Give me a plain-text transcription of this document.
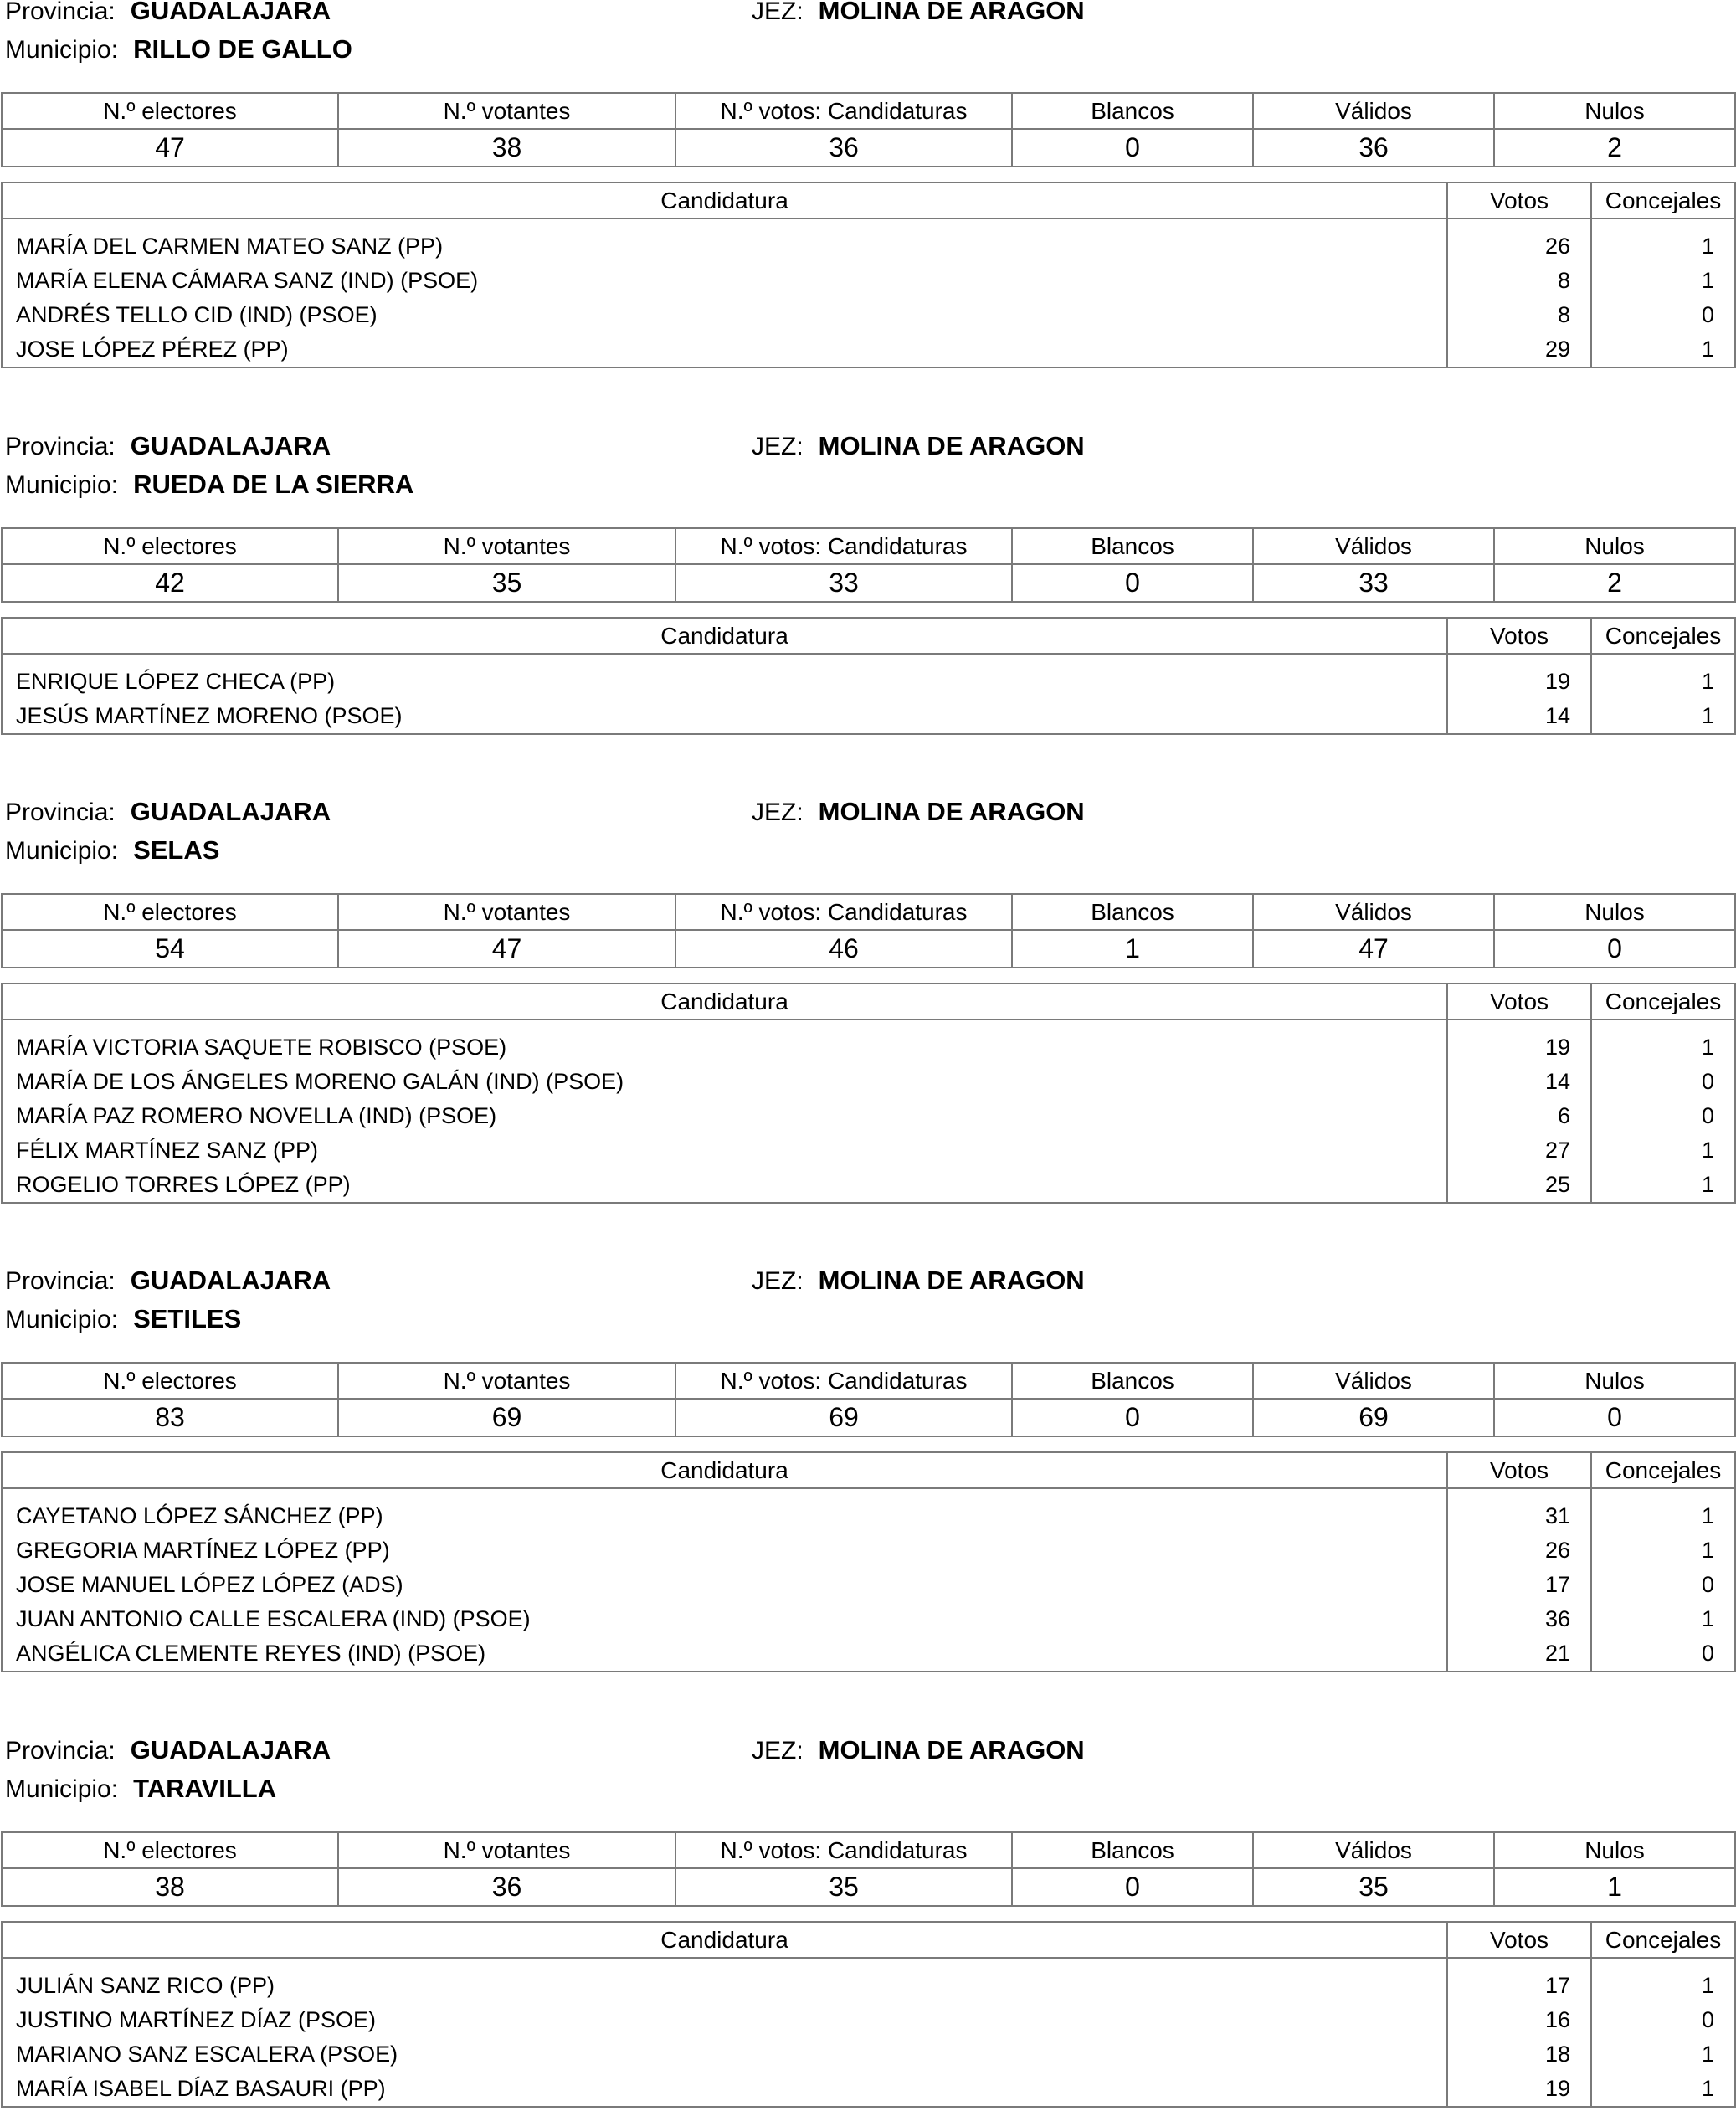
Provincia: GUADALAJARA	JEZ: MOLINA DE ARAGON
Municipio: RILLO DE GALLO
N.º electores	N.º votantes	N.º votos: Candidaturas	Blancos	Válidos	Nulos
47	38	36	0	36	2
Candidatura	Votos	Concejales

MARÍA DEL CARMEN MATEO SANZ (PP)	26	1
MARÍA ELENA CÁMARA SANZ (IND) (PSOE)	8	1
ANDRÉS TELLO CID (IND) (PSOE)	8	0
JOSE LÓPEZ PÉREZ (PP)	29	1
Provincia: GUADALAJARA	JEZ: MOLINA DE ARAGON
Municipio: RUEDA DE LA SIERRA
N.º electores	N.º votantes	N.º votos: Candidaturas	Blancos	Válidos	Nulos
42	35	33	0	33	2
Candidatura	Votos	Concejales

ENRIQUE LÓPEZ CHECA (PP)	19	1
JESÚS MARTÍNEZ MORENO (PSOE)	14	1
Provincia: GUADALAJARA	JEZ: MOLINA DE ARAGON
Municipio: SELAS
N.º electores	N.º votantes	N.º votos: Candidaturas	Blancos	Válidos	Nulos
54	47	46	1	47	0
Candidatura	Votos	Concejales

MARÍA VICTORIA SAQUETE ROBISCO (PSOE)	19	1
MARÍA DE LOS ÁNGELES MORENO GALÁN (IND) (PSOE)	14	0
MARÍA PAZ ROMERO NOVELLA (IND) (PSOE)	6	0
FÉLIX MARTÍNEZ SANZ (PP)	27	1
ROGELIO TORRES LÓPEZ (PP)	25	1
Provincia: GUADALAJARA	JEZ: MOLINA DE ARAGON
Municipio: SETILES
N.º electores	N.º votantes	N.º votos: Candidaturas	Blancos	Válidos	Nulos
83	69	69	0	69	0
Candidatura	Votos	Concejales

CAYETANO LÓPEZ SÁNCHEZ (PP)	31	1
GREGORIA MARTÍNEZ LÓPEZ (PP)	26	1
JOSE MANUEL LÓPEZ LÓPEZ (ADS)	17	0
JUAN ANTONIO CALLE ESCALERA (IND) (PSOE)	36	1
ANGÉLICA CLEMENTE REYES (IND) (PSOE)	21	0
Provincia: GUADALAJARA	JEZ: MOLINA DE ARAGON
Municipio: TARAVILLA
N.º electores	N.º votantes	N.º votos: Candidaturas	Blancos	Válidos	Nulos
38	36	35	0	35	1
Candidatura	Votos	Concejales

JULIÁN SANZ RICO (PP)	17	1
JUSTINO MARTÍNEZ DÍAZ (PSOE)	16	0
MARIANO SANZ ESCALERA (PSOE)	18	1
MARÍA ISABEL DÍAZ BASAURI (PP)	19	1
